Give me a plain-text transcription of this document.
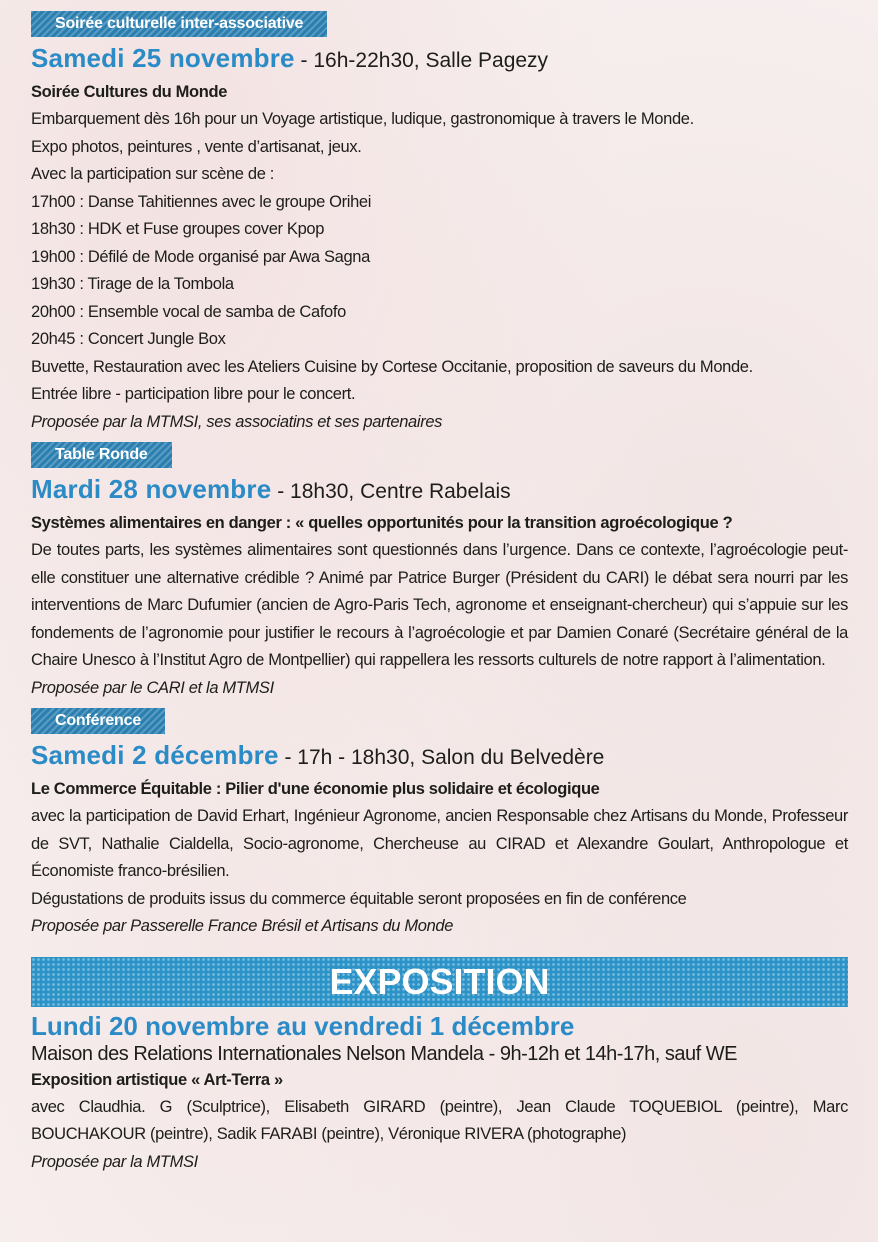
Soirée culturelle inter-associative
Samedi 25 novembre - 16h-22h30, Salle Pagezy
Soirée Cultures du Monde
Embarquement dès 16h pour un Voyage artistique, ludique, gastronomique à travers le Monde.
Expo photos, peintures , vente d’artisanat, jeux.
Avec la participation sur scène de :
17h00 : Danse Tahitiennes avec le groupe Orihei
18h30 : HDK et Fuse groupes cover Kpop
19h00 : Défilé de Mode organisé par Awa Sagna
19h30 : Tirage de la Tombola
20h00 : Ensemble vocal de samba de Cafofo
20h45 : Concert Jungle Box
Buvette, Restauration avec les Ateliers Cuisine by Cortese Occitanie, proposition de saveurs du Monde.
Entrée libre - participation libre pour le concert.
Proposée par la MTMSI, ses associatins et ses partenaires
Table Ronde
Mardi 28 novembre - 18h30, Centre Rabelais
Systèmes alimentaires en danger : « quelles opportunités pour la transition agroécologique ?
De toutes parts, les systèmes alimentaires sont questionnés dans l’urgence. Dans ce contexte, l’agroécologie peut-elle constituer une alternative crédible ? Animé par Patrice Burger (Président du CARI) le débat sera nourri par les interventions de Marc Dufumier (ancien de Agro-Paris Tech, agronome et enseignant-chercheur) qui s’appuie sur les fondements de l’agronomie pour justifier le recours à l’agroécologie et par Damien Conaré (Secrétaire général de la Chaire Unesco à l’Institut Agro de Montpellier) qui rappellera les ressorts culturels de notre rapport à l’alimentation.
Proposée par le CARI et la MTMSI
Conférence
Samedi 2 décembre - 17h - 18h30, Salon du Belvedère
Le Commerce Équitable : Pilier d'une économie plus solidaire et écologique
avec la participation de David Erhart, Ingénieur Agronome, ancien Responsable chez Artisans du Monde, Professeur de SVT, Nathalie Cialdella, Socio-agronome, Chercheuse au CIRAD et Alexandre Goulart, Anthropologue et Économiste franco-brésilien.
Dégustations de produits issus du commerce équitable seront proposées en fin de conférence
Proposée par Passerelle France Brésil et Artisans du Monde
EXPOSITION
Lundi 20 novembre au vendredi 1 décembre
Maison des Relations Internationales Nelson Mandela - 9h-12h et 14h-17h, sauf WE
Exposition artistique « Art-Terra »
avec Claudhia. G (Sculptrice), Elisabeth GIRARD (peintre), Jean Claude TOQUEBIOL (peintre), Marc BOUCHAKOUR (peintre), Sadik FARABI (peintre), Véronique RIVERA (photographe)
Proposée par la MTMSI
